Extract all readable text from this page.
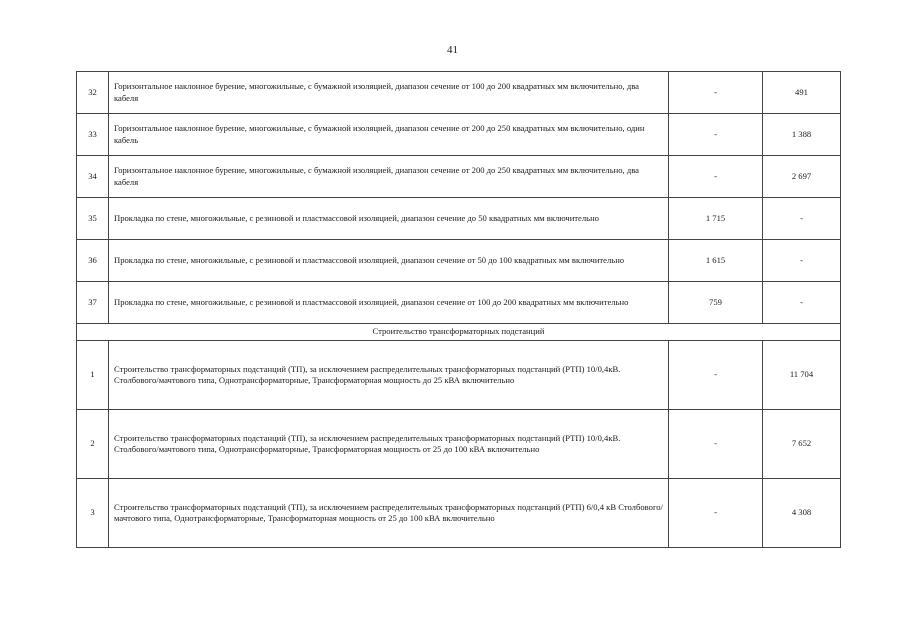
41
32	Горизонтальное наклонное бурение, многожильные, с бумажной изоляцией, диапазон сечение от 100 до 200 квадратных мм включительно, два кабеля	-	491
33	Горизонтальное наклонное бурение, многожильные, с бумажной изоляцией, диапазон сечение от 200 до 250 квадратных мм включительно, один кабель	-	1 388
34	Горизонтальное наклонное бурение, многожильные, с бумажной изоляцией, диапазон сечение от 200 до 250 квадратных мм включительно, два кабеля	-	2 697
35	Прокладка по стене, многожильные, с резиновой и пластмассовой изоляцией, диапазон сечение до 50 квадратных мм включительно	1 715	-
36	Прокладка по стене, многожильные, с резиновой и пластмассовой изоляцией, диапазон сечение от 50 до 100 квадратных мм включительно	1 615	-
37	Прокладка по стене, многожильные, с резиновой и пластмассовой изоляцией, диапазон сечение от 100 до 200 квадратных мм включительно	759	-
Строительство трансформаторных подстанций			
1	Строительство трансформаторных подстанций (ТП), за исключением распределительных трансформаторных подстанций (РТП) 10/0,4кВ. Столбового/мачтового типа, Однотрансформаторные, Трансформаторная мощность до 25 кВА включительно	-	11 704
2	Строительство трансформаторных подстанций (ТП), за исключением распределительных трансформаторных подстанций (РТП) 10/0,4кВ. Столбового/мачтового типа, Однотрансформаторные, Трансформаторная мощность от 25 до 100 кВА включительно	-	7 652
3	Строительство трансформаторных подстанций (ТП), за исключением распределительных трансформаторных подстанций (РТП) 6/0,4 кВ Столбового/мачтового типа, Однотрансформаторные, Трансформаторная мощность от 25 до 100 кВА включительно	-	4 308
